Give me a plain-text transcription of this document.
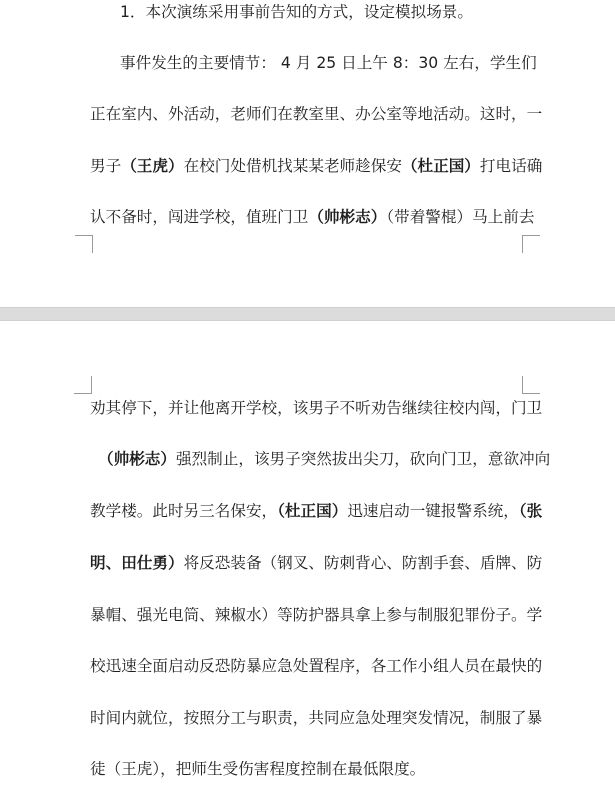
1．本次演练采用事前告知的方式，设定模拟场景。
事件发生的主要情节： 4 月 25 日上午 8：30 左右，学生们
正在室内、外活动，老师们在教室里、办公室等地活动。这时，一
男子（王虎）在校门处借机找某某老师趁保安（杜正国）打电话确
认不备时，闯进学校，值班门卫（帅彬志）（带着警棍）马上前去
劝其停下，并让他离开学校，该男子不听劝告继续往校内闯，门卫
（帅彬志）强烈制止，该男子突然拔出尖刀，砍向门卫，意欲冲向
教学楼。此时另三名保安，（杜正国）迅速启动一键报警系统，（张
明、田仕勇）将反恐装备（钢叉、防刺背心、防割手套、盾牌、防
暴帽、强光电筒、辣椒水）等防护器具拿上参与制服犯罪份子。学
校迅速全面启动反恐防暴应急处置程序，各工作小组人员在最快的
时间内就位，按照分工与职责，共同应急处理突发情况，制服了暴
徒（王虎），把师生受伤害程度控制在最低限度。
